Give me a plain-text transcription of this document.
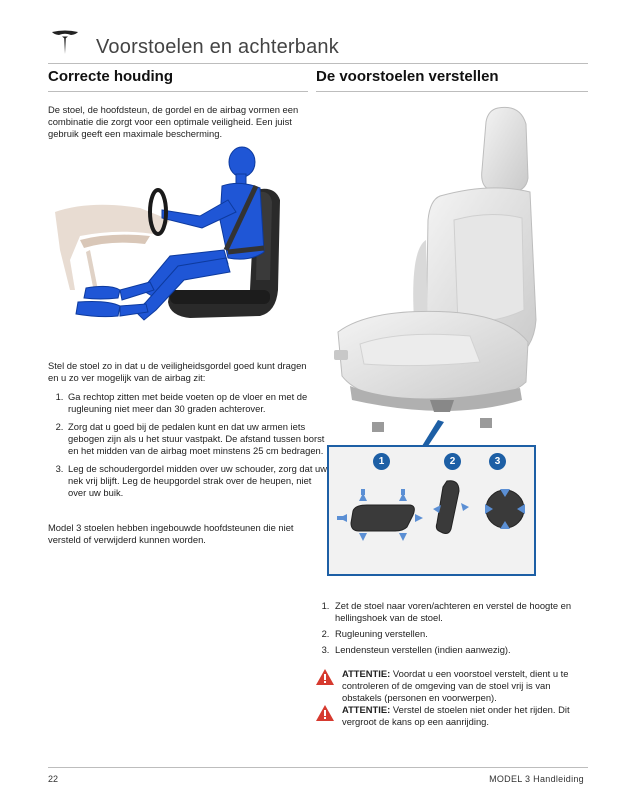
Voorstoelen en achterbank
Correcte houding

De stoel, de hoofdsteun, de gordel en de airbag vormen een combinatie die zorgt voor een optimale veiligheid. Een juist gebruik geeft een maximale bescherming.

Stel de stoel zo in dat u de veiligheidsgordel goed kunt dragen en u zo ver mogelijk van de airbag zit:

1. Ga rechtop zitten met beide voeten op de vloer en met de rugleuning niet meer dan 30 graden achterover.
2. Zorg dat u goed bij de pedalen kunt en dat uw armen iets gebogen zijn als u het stuur vastpakt. De afstand tussen borst en het midden van de airbag moet minstens 25 cm bedragen.
3. Leg de schoudergordel midden over uw schouder, zorg dat uw nek vrij blijft. Leg de heupgordel strak over de heupen, niet over uw buik.

Model 3 stoelen hebben ingebouwde hoofdsteunen die niet versteld of verwijderd kunnen worden.

De voorstoelen verstellen
1	2	3
1. Zet de stoel naar voren/achteren en verstel de hoogte en hellingshoek van de stoel.
2. Rugleuning verstellen.
3. Lendensteun verstellen (indien aanwezig).
ATTENTIE: Voordat u een voorstoel verstelt, dient u te controleren of de omgeving van de stoel vrij is van obstakels (personen en voorwerpen).
ATTENTIE: Verstel de stoelen niet onder het rijden. Dit vergroot de kans op een aanrijding.
22	MODEL 3 Handleiding
